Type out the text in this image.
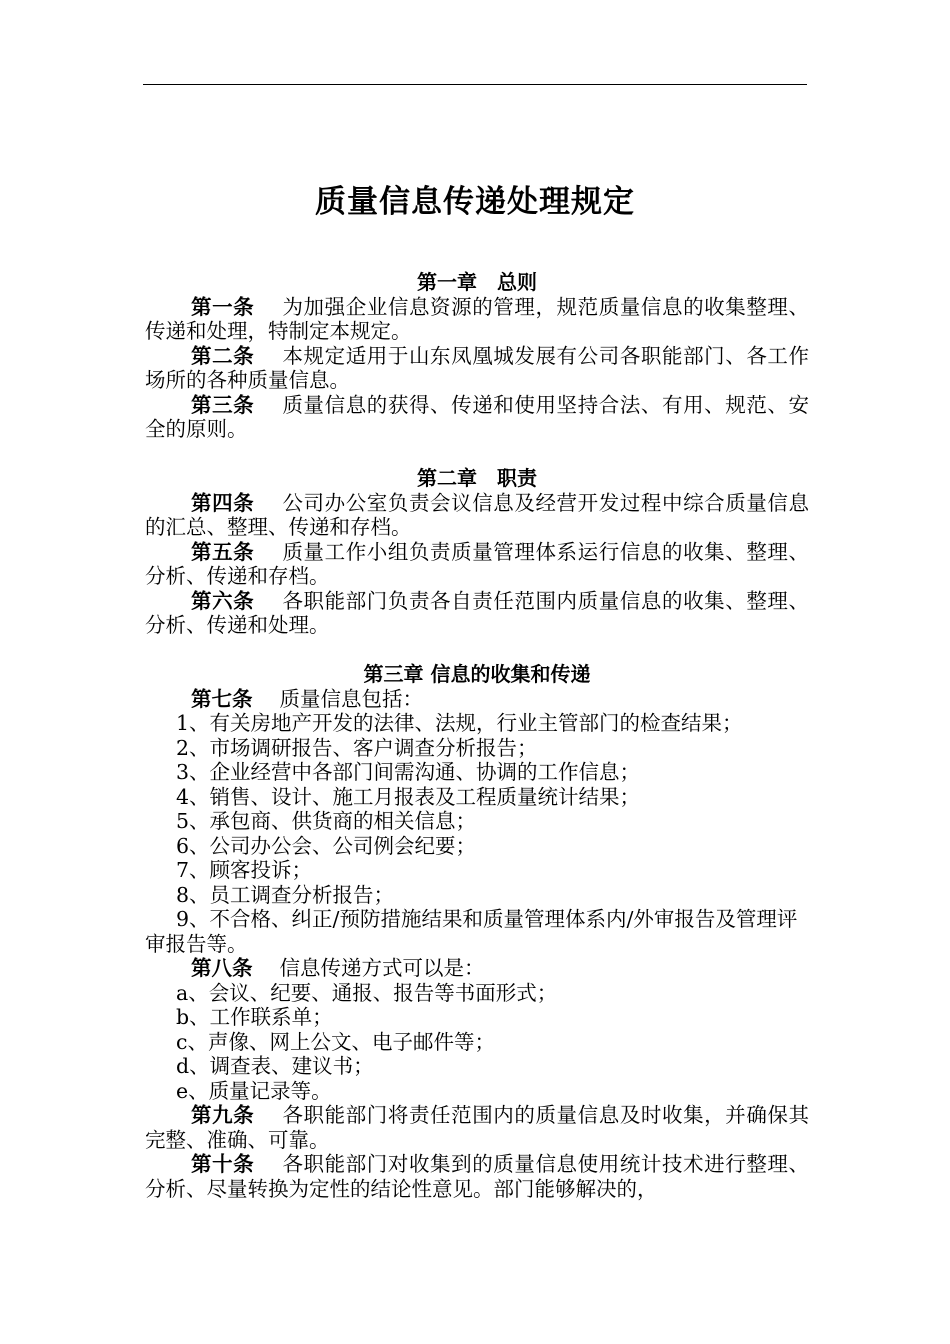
质量信息传递处理规定
第一章　总则
第一条　 为加强企业信息资源的管理，规范质量信息的收集整理、传递和处理，特制定本规定。
第二条　 本规定适用于山东凤凰城发展有公司各职能部门、各工作场所的各种质量信息。
第三条　 质量信息的获得、传递和使用坚持合法、有用、规范、安全的原则。
第二章　职责
第四条　 公司办公室负责会议信息及经营开发过程中综合质量信息的汇总、整理、传递和存档。
第五条　 质量工作小组负责质量管理体系运行信息的收集、整理、分析、传递和存档。
第六条　 各职能部门负责各自责任范围内质量信息的收集、整理、分析、传递和处理。
第三章 信息的收集和传递
第七条　 质量信息包括：
1、有关房地产开发的法律、法规，行业主管部门的检查结果；
2、市场调研报告、客户调查分析报告；
3、企业经营中各部门间需沟通、协调的工作信息；
4、销售、设计、施工月报表及工程质量统计结果；
5、承包商、供货商的相关信息；
6、公司办公会、公司例会纪要；
7、顾客投诉；
8、员工调查分析报告；
9、不合格、纠正/预防措施结果和质量管理体系内/外审报告及管理评审报告等。
第八条　 信息传递方式可以是：
a、会议、纪要、通报、报告等书面形式；
b、工作联系单；
c、声像、网上公文、电子邮件等；
d、调查表、建议书；
e、质量记录等。
第九条　 各职能部门将责任范围内的质量信息及时收集，并确保其完整、准确、可靠。
第十条　 各职能部门对收集到的质量信息使用统计技术进行整理、分析、尽量转换为定性的结论性意见。部门能够解决的，
